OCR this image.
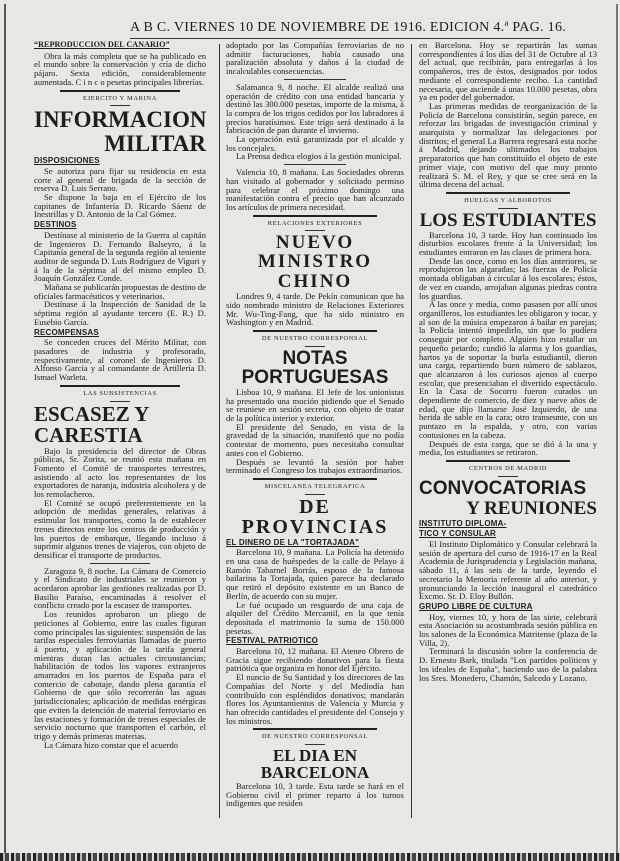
A B C. VIERNES 10 DE NOVIEMBRE DE 1916. EDICION 4.ª PAG. 16.
“REPRODUCCION DEL CANARIO”
Obra la más completa que se ha publicado en el mundo sobre la conservación y cría de dicho pájaro. Sexta edición, considerablemente aumentada. C i n c o pesetas principales librerías.
EJERCITO Y MARINA
INFORMACION
MILITAR
DISPOSICIONES
Se autoriza para fijar su residencia en esta corte al general de brigada de la sección de reserva D. Luis Serrano.
Se dispone la baja en el Ejército de los capitanes de Infantería D. Ricardo Sáenz de Inestrillas y D. Antonio de la Cal Gómez.
DESTINOS
Destínase al ministerio de la Guerra al capitán de Ingenieros D. Fernando Balseyro, á la Capitanía general de la segunda región al teniente auditor de segunda D. Luis Rodríguez de Viguri y á la de la séptima al del mismo empleo D. Joaquín González Conde.
Mañana se publicarán propuestas de destino de oficiales farmacéuticos y veterinarios.
Destínase á la Inspección de Sanidad de la séptima región al ayudante tercero (E. R.) D. Eusebio García.
RECOMPENSAS
Se conceden cruces del Mérito Militar, con pasadores de industria y profesorado, respectivamente, al coronel de Ingenieros D. Alfonso García y al comandante de Artillería D. Ismael Warleta.
LAS SUBSISTENCIAS
ESCASEZ Y CARESTIA
Bajo la presidencia del director de Obras públicas, Sr. Zorita, se reunió esta mañana en Fomento el Comité de transportes terrestres, asistiendo al acto los representantes de los exportadores de naranja, industria alcoholera y de los remolacheros.
El Comité se ocupó preferentemente en la adopción de medidas generales, relativas á estimular los transportes, como la de establecer trenes directos entre los centros de producción y los puertos de embarque, llegando incluso á suprimir algunos trenes de viajeros, con objeto de densificar el transporte de productos.
Zaragoza 9, 8 noche. La Cámara de Comercio y el Sindicato de industriales se reunieron y acordaron aprobar las gestiones realizadas por D. Basilio Paraíso, encaminadas á resolver el conflicto creado por la escasez de transportes.
Los reunidos aprobaron un pliego de peticiones al Gobierno, entre las cuales figuran como principales las siguientes: suspensión de las tarifas especiales ferroviarias llamadas de puerto á puerto, y aplicación de la tarifa general mientras duran las actuales circunstancias; habilitación de todos los vapores extranjeros amarrados en los puertos de España para el comercio de cabotaje, dando plena garantía el Gobierno de que sólo recorrerán las aguas jurisdiccionales; aplicación de medidas enérgicas que eviten la detención de material ferroviario en las estaciones y formación de trenes especiales de servicio nocturno que transporten el carbón, el trigo y demás primeras materias.
La Cámara hizo constar que el acuerdo
adoptado por las Compañías ferroviarias de no admitir facturaciones, había causado una paralización absoluta y daños á la ciudad de incalculables consecuencias.
Salamanca 9, 8 noche. El alcalde realizó una operación de crédito con una entidad bancaria y destinó las 300.000 pesetas, importe de la misma, á la compra de los trigos cedidos por los labradores á precios baratísimos. Este trigo será destinado á la fabricación de pan durante el invierno.
La operación está garantizada por el alcalde y los concejales.
La Prensa dedica elogios á la gestión municipal.
Valencia 10, 8 mañana. Las Sociedades obreras han visitado al gobernador y solicitado permiso para celebrar el próximo domingo una manifestación contra el precio que han alcanzado los artículos de primera necesidad.
RELACIONES EXTERIORES
NUEVO MINISTRO
CHINO
Londres 9, 4 tarde. De Pekín comunican que ha sido nombrado ministro de Relaciones Exteriores Mr. Wu-Ting-Fang, que ha sido ministro en Washington y en Madrid.
DE NUESTRO CORRESPONSAL
NOTAS PORTUGUESAS
Lisboa 10, 9 mañana. El Jefe de los unionistas ha presentado una moción pidiendo que el Senado se reuniese en sesión secreta, con objeto de tratar de la política interior y exterior.
El presidente del Senado, en vista de la gravedad de la situación, manifestó que no podía contestar de momento, pues necesitaba consultar antes con el Gobierno.
Después se levantó la sesión por haber terminado el Congreso los trabajos extraordinarios.
MISCELANEA TELEGRAFICA
DE PROVINCIAS
EL DINERO DE LA "TORTAJADA"
Barcelona 10, 9 mañana. La Policía ha detenido en una casa de huéspedes de la calle de Pelayo á Ramón Tabarnel Borrás, esposo de la famosa bailarina la Tortajada, quien parece ha declarado que retiró el depósito existente en un Banco de Berlín, de acuerdo con su mujer.
Le fué ocupado un resguardo de una caja de alquiler del Crédito Mercantil, en la que tenía depositada el matrimonio la suma de 150.000 pesetas.
FESTIVAL PATRIOTICO
Barcelona 10, 12 mañana. El Ateneo Obrero de Gracia sigue recibiendo donativos para la fiesta patriótica que organiza en honor del Ejército.
El nuncio de Su Santidad y los directores de las Compañías del Norte y del Mediodía han contribuído con espléndidos donativos; mandarán flores los Ayuntamientos de Valencia y Murcia y han ofrecido cantidades el presidente del Consejo y los ministros.
DE NUESTRO CORRESPONSAL
EL DIA EN BARCELONA
Barcelona 10, 3 tarde. Esta tarde se hará en el Gobierno civil el primer reparto á los turnos indigentes que residen
en Barcelona. Hoy se repartirán las sumas correspondientes á los días del 31 de Octubre al 13 del actual, que recibirán, para entregarlas á los compañeros, tres de éstos, designados por todos mediante el correspondiente recibo. La cantidad necesaria, que asciende á unas 10.000 pesetas, obra ya en poder del gobernador.
Las primeras medidas de reorganización de la Policía de Barcelona consistirán, según parece, en reforzar las brigadas de investigación criminal y anarquista y normalizar las delegaciones por distritos; el general La Barrera regresará esta noche á Madrid, dejando ultimados los trabajos preparatorios que han constituído el objeto de este primer viaje, con motivo del que muy pronto realizará S. M. el Rey, y que se cree será en la última decena del actual.
HUELGAS Y ALBOROTOS
LOS ESTUDIANTES
Barcelona 10, 3 tarde. Hoy han continuado los disturbios escolares frente á la Universidad; los estudiantes entraron en las clases de primera hora.
Desde las once, como en los días anteriores, se reprodujeron las algaradas; las fuerzas de Policía montada obligaban á circular á los escolares; éstos, de vez en cuando, arrojaban algunas piedras contra los guardias.
A las once y media, como pasasen por allí unos organilleros, los estudiantes les obligaron y tocar, y al son de la música empezaron á bailar en parejas; la Policía intentó impedirlo, sin que lo pudiera conseguir por completo. Alguien hizo estallar un pequeño petardo; cundió la alarma y los guardias, hartos ya de soportar la burla estudiantil, dieron una carga, repartiendo buen número de sablazos, que alcanzaron á los curiosos ajenos al cuerpo escolar, que presenciaban el divertido espectáculo. En la Casa de Socorro fueron curados un dependiente de comercio, de diez y nueve años de edad, que dijo llamarse José Izquierdo, de una herida de sable en la cara; otro transeunte, con un puntazo en la espalda, y otro, con varias contusiones en la cabeza.
Después de esta carga, que se dió á la una y media, los estudiantes se retiraron.
CENTROS DE MADRID
CONVOCATORIAS
Y REUNIONES
INSTITUTO DIPLOMA-
TICO Y CONSULAR
El Instituto Diplomático y Consular celebrará la sesión de apertura del curso de 1916-17 en la Real Academia de Jurisprudencia y Legislación mañana, sábado 11, á las seis de la tarde, leyendo el secretario la Memoria referente al año anterior, y pronunciando la lección inaugural el catedrático Excmo. Sr. D. Eloy Bullón.
GRUPO LIBRE DE CULTURA
Hoy, viernes 10, y hora de las siete, celebrará esta Asociación su acostumbrada sesión pública en los salones de la Económica Matritense (plaza de la Villa, 2).
Terminará la discusión sobre la conferencia de D. Ernesto Bark, titulada "Los partidos políticos y los ideales de España", haciendo uso de la palabra los Sres. Monedero, Chamón, Salcedo y Lozano.
